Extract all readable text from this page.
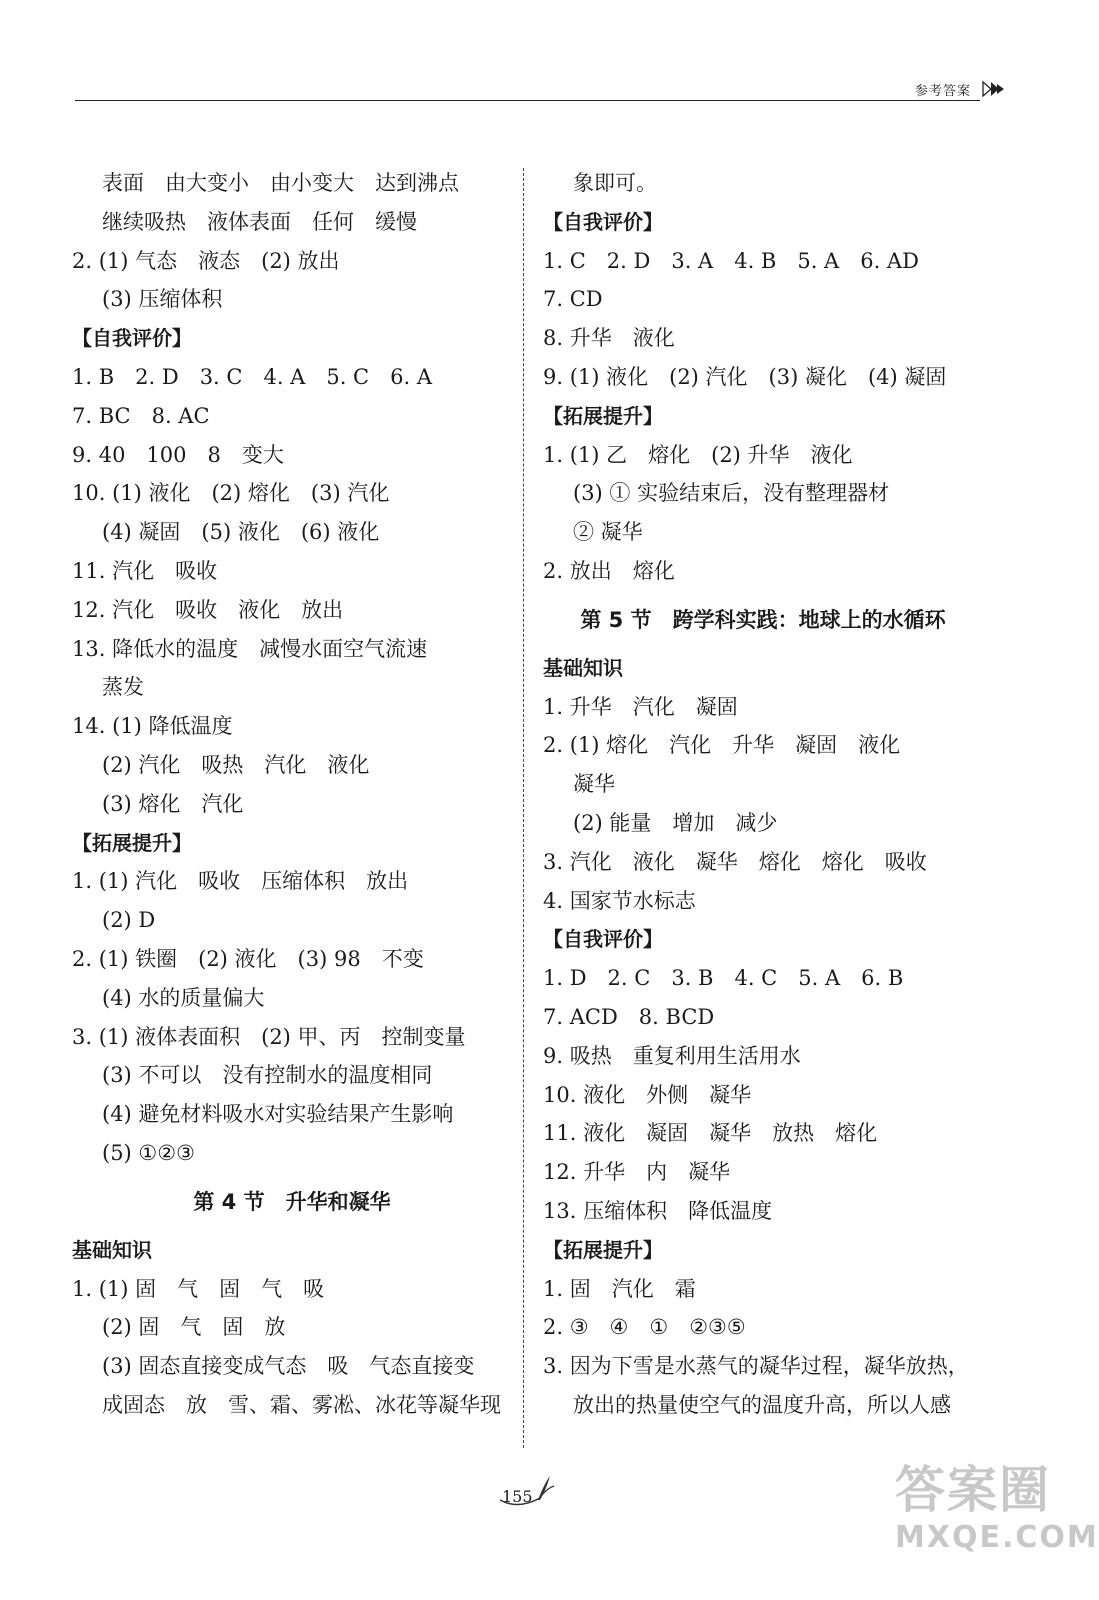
参考答案
表面　由大变小　由小变大　达到沸点
继续吸热　液体表面　任何　缓慢
2. (1) 气态　液态　(2) 放出
(3) 压缩体积
【自我评价】
1. B　2. D　3. C　4. A　5. C　6. A
7. BC　8. AC
9. 40　100　8　变大
10. (1) 液化　(2) 熔化　(3) 汽化
(4) 凝固　(5) 液化　(6) 液化
11. 汽化　吸收
12. 汽化　吸收　液化　放出
13. 降低水的温度　减慢水面空气流速
蒸发
14. (1) 降低温度
(2) 汽化　吸热　汽化　液化
(3) 熔化　汽化
【拓展提升】
1. (1) 汽化　吸收　压缩体积　放出
(2) D
2. (1) 铁圈　(2) 液化　(3) 98　不变
(4) 水的质量偏大
3. (1) 液体表面积　(2) 甲、丙　控制变量
(3) 不可以　没有控制水的温度相同
(4) 避免材料吸水对实验结果产生影响
(5) ①②③
第 4 节　升华和凝华
基础知识
1. (1) 固　气　固　气　吸
(2) 固　气　固　放
(3) 固态直接变成气态　吸　气态直接变
成固态　放　雪、霜、雾凇、冰花等凝华现
象即可。
【自我评价】
1. C　2. D　3. A　4. B　5. A　6. AD
7. CD
8. 升华　液化
9. (1) 液化　(2) 汽化　(3) 凝化　(4) 凝固
【拓展提升】
1. (1) 乙　熔化　(2) 升华　液化
(3) ① 实验结束后，没有整理器材
② 凝华
2. 放出　熔化
第 5 节　跨学科实践：地球上的水循环
基础知识
1. 升华　汽化　凝固
2. (1) 熔化　汽化　升华　凝固　液化
凝华
(2) 能量　增加　减少
3. 汽化　液化　凝华　熔化　熔化　吸收
4. 国家节水标志
【自我评价】
1. D　2. C　3. B　4. C　5. A　6. B
7. ACD　8. BCD
9. 吸热　重复利用生活用水
10. 液化　外侧　凝华
11. 液化　凝固　凝华　放热　熔化
12. 升华　内　凝华
13. 压缩体积　降低温度
【拓展提升】
1. 固　汽化　霜
2. ③　④　①　②③⑤
3. 因为下雪是水蒸气的凝华过程，凝华放热，
放出的热量使空气的温度升高，所以人感
155	答案圈
MXQE.COM
